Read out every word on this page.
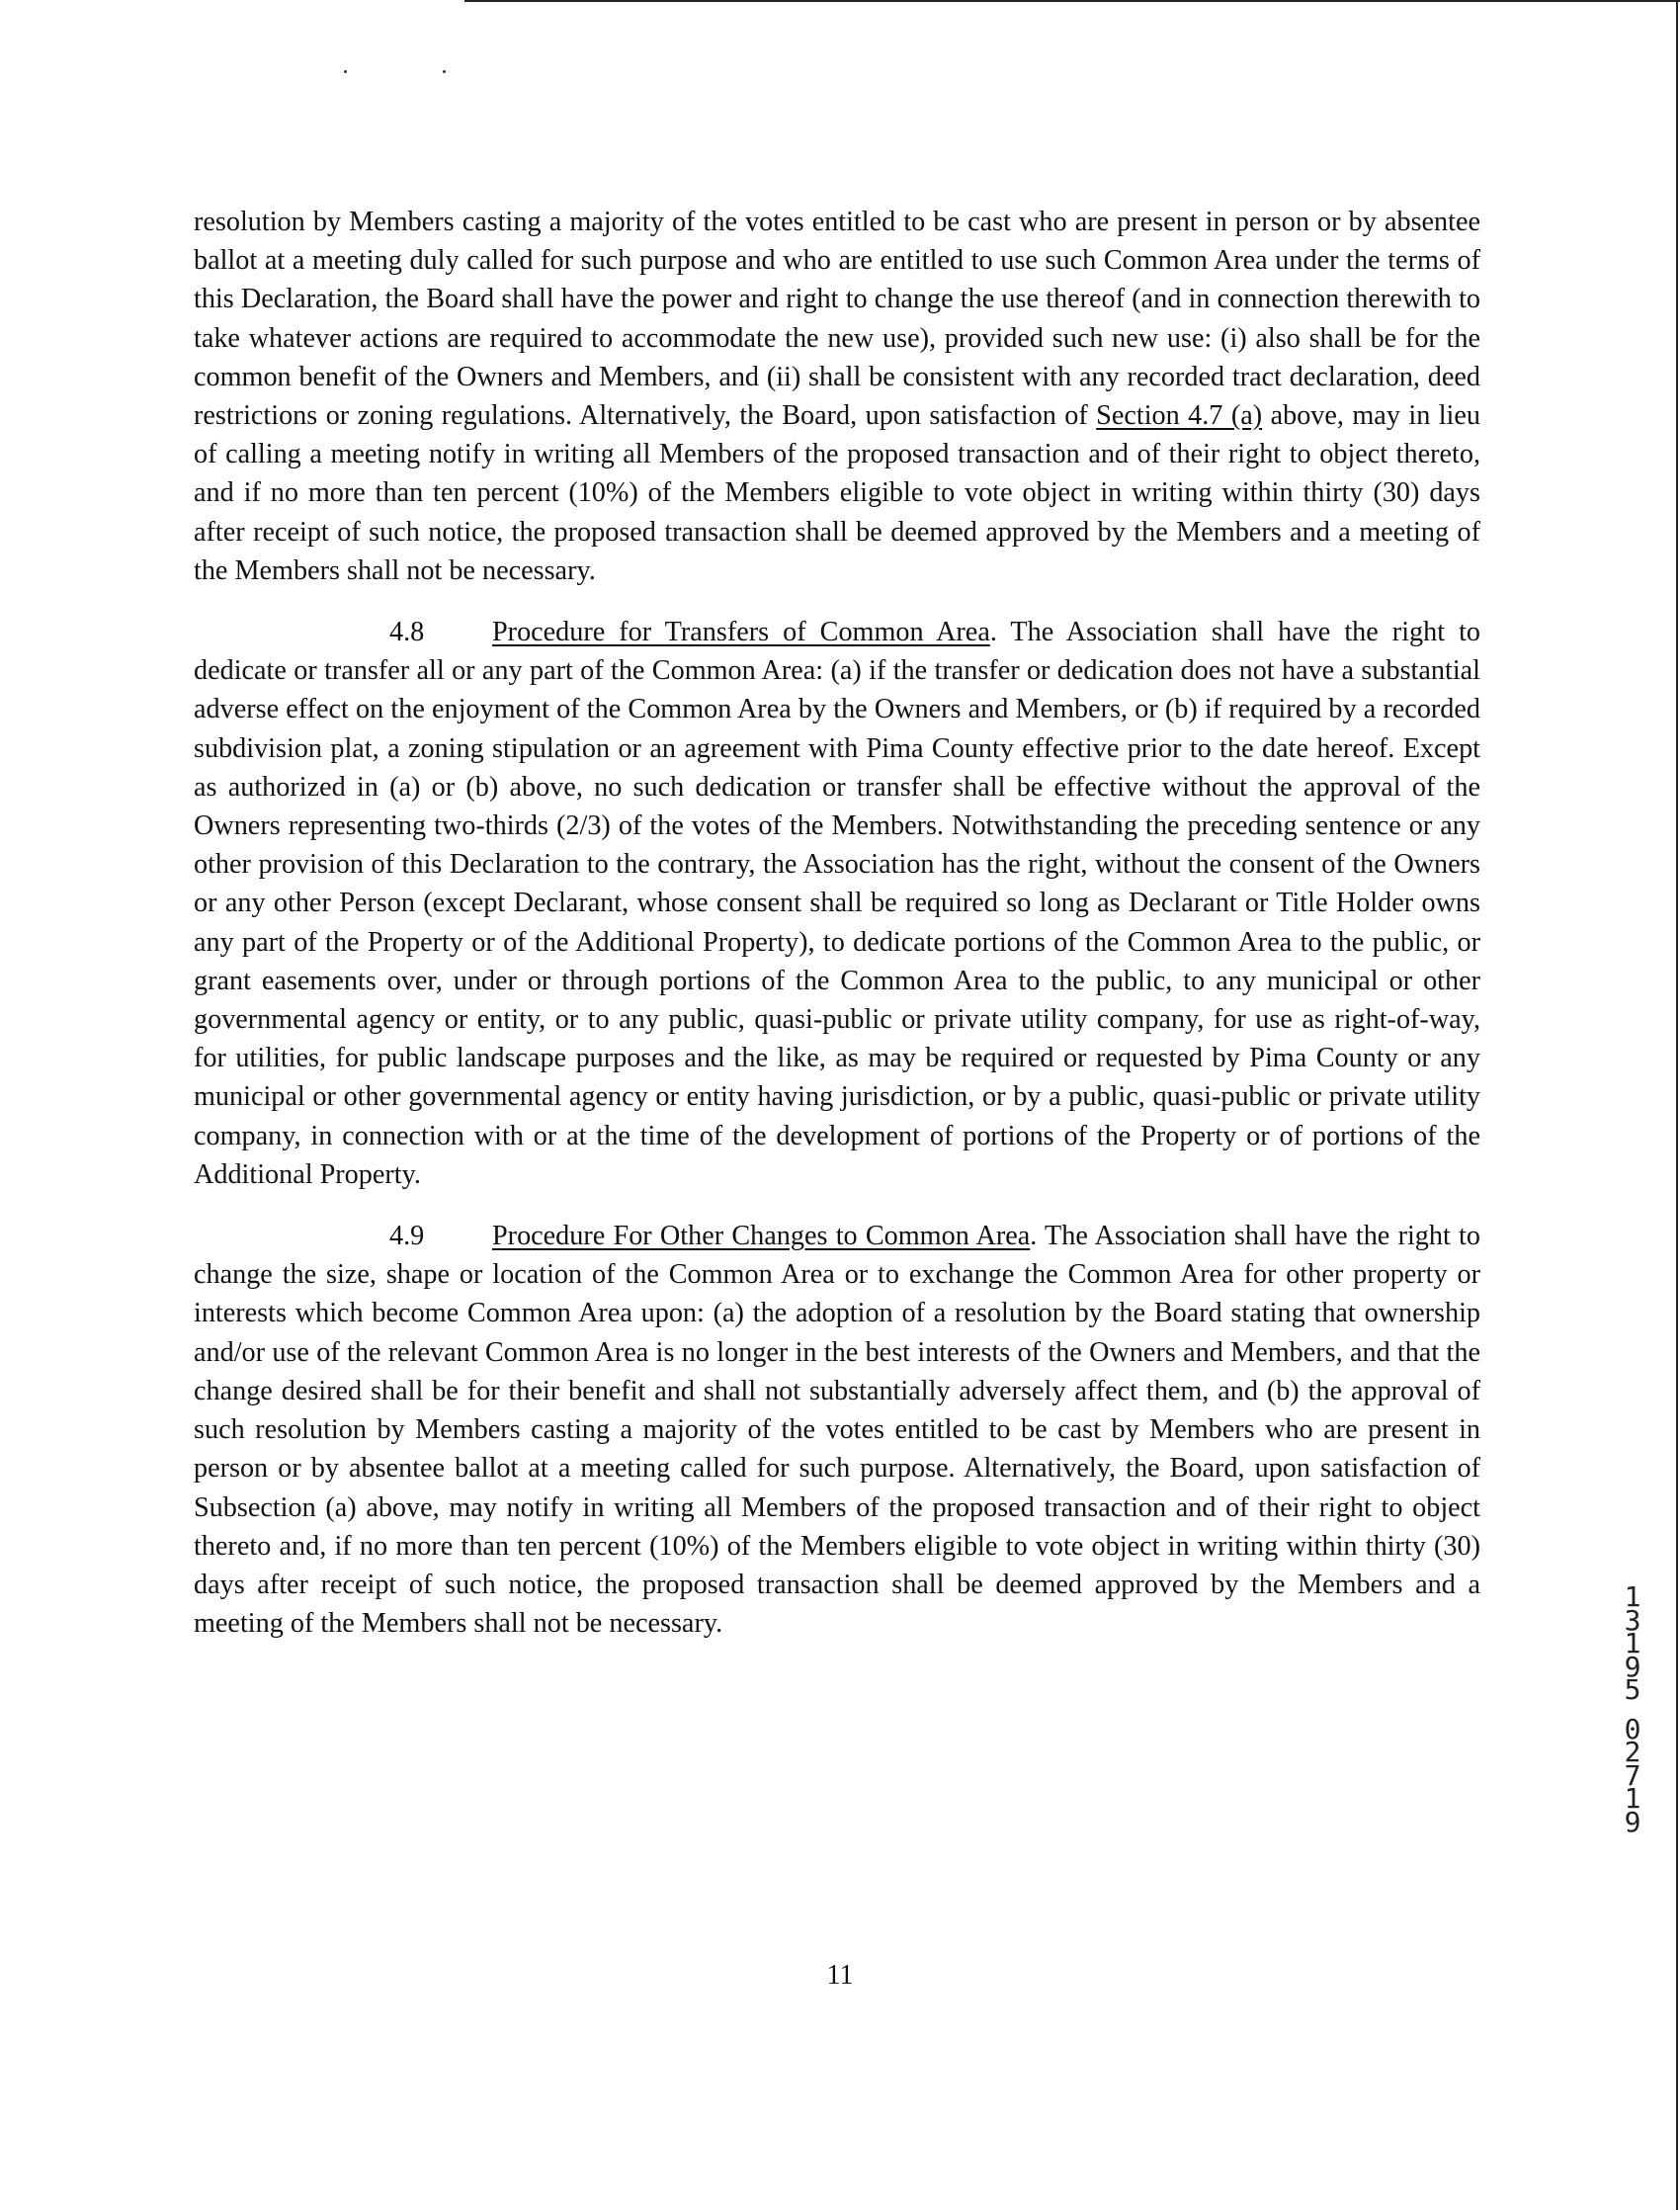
resolution by Members casting a majority of the votes entitled to be cast who are present in person or by absentee ballot at a meeting duly called for such purpose and who are entitled to use such Common Area under the terms of this Declaration, the Board shall have the power and right to change the use thereof (and in connection therewith to take whatever actions are required to accommodate the new use), provided such new use: (i) also shall be for the common benefit of the Owners and Members, and (ii) shall be consistent with any recorded tract declaration, deed restrictions or zoning regulations. Alternatively, the Board, upon satisfaction of Section 4.7 (a) above, may in lieu of calling a meeting notify in writing all Members of the proposed transaction and of their right to object thereto, and if no more than ten percent (10%) of the Members eligible to vote object in writing within thirty (30) days after receipt of such notice, the proposed transaction shall be deemed approved by the Members and a meeting of the Members shall not be necessary.

4.8 Procedure for Transfers of Common Area. The Association shall have the right to dedicate or transfer all or any part of the Common Area: (a) if the transfer or dedication does not have a substantial adverse effect on the enjoyment of the Common Area by the Owners and Members, or (b) if required by a recorded subdivision plat, a zoning stipulation or an agreement with Pima County effective prior to the date hereof. Except as authorized in (a) or (b) above, no such dedication or transfer shall be effective without the approval of the Owners representing two-thirds (2/3) of the votes of the Members. Notwithstanding the preceding sentence or any other provision of this Declaration to the contrary, the Association has the right, without the consent of the Owners or any other Person (except Declarant, whose consent shall be required so long as Declarant or Title Holder owns any part of the Property or of the Additional Property), to dedicate portions of the Common Area to the public, or grant easements over, under or through portions of the Common Area to the public, to any municipal or other governmental agency or entity, or to any public, quasi-public or private utility company, for use as right-of-way, for utilities, for public landscape purposes and the like, as may be required or requested by Pima County or any municipal or other governmental agency or entity having jurisdiction, or by a public, quasi-public or private utility company, in connection with or at the time of the development of portions of the Property or of portions of the Additional Property.

4.9 Procedure For Other Changes to Common Area. The Association shall have the right to change the size, shape or location of the Common Area or to exchange the Common Area for other property or interests which become Common Area upon: (a) the adoption of a resolution by the Board stating that ownership and/or use of the relevant Common Area is no longer in the best interests of the Owners and Members, and that the change desired shall be for their benefit and shall not substantially adversely affect them, and (b) the approval of such resolution by Members casting a majority of the votes entitled to be cast by Members who are present in person or by absentee ballot at a meeting called for such purpose. Alternatively, the Board, upon satisfaction of Subsection (a) above, may notify in writing all Members of the proposed transaction and of their right to object thereto and, if no more than ten percent (10%) of the Members eligible to vote object in writing within thirty (30) days after receipt of such notice, the proposed transaction shall be deemed approved by the Members and a meeting of the Members shall not be necessary.

1
3
1
9
5
0
2
7
1
9
11
